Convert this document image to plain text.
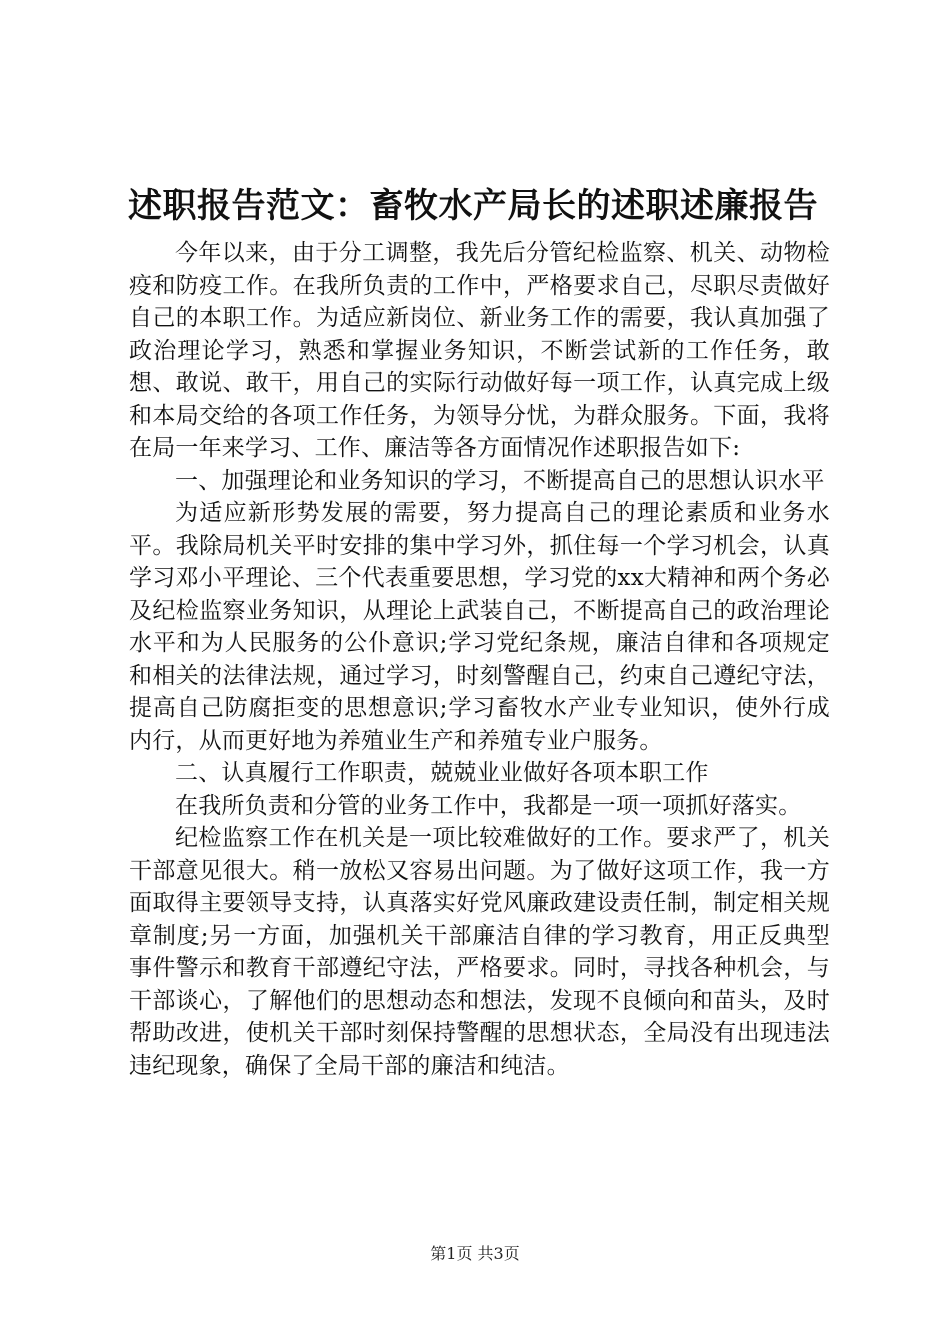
述职报告范文：畜牧水产局长的述职述廉报告

今年以来，由于分工调整，我先后分管纪检监察、机关、动物检疫和防疫工作。在我所负责的工作中，严格要求自己，尽职尽责做好自己的本职工作。为适应新岗位、新业务工作的需要，我认真加强了政治理论学习，熟悉和掌握业务知识，不断尝试新的工作任务，敢想、敢说、敢干，用自己的实际行动做好每一项工作，认真完成上级和本局交给的各项工作任务，为领导分忧，为群众服务。下面，我将在局一年来学习、工作、廉洁等各方面情况作述职报告如下:

一、加强理论和业务知识的学习，不断提高自己的思想认识水平

为适应新形势发展的需要，努力提高自己的理论素质和业务水平。我除局机关平时安排的集中学习外，抓住每一个学习机会，认真学习邓小平理论、三个代表重要思想，学习党的xx大精神和两个务必及纪检监察业务知识，从理论上武装自己，不断提高自己的政治理论水平和为人民服务的公仆意识;学习党纪条规，廉洁自律和各项规定和相关的法律法规，通过学习，时刻警醒自己，约束自己遵纪守法，提高自己防腐拒变的思想意识;学习畜牧水产业专业知识，使外行成内行，从而更好地为养殖业生产和养殖专业户服务。

二、认真履行工作职责，兢兢业业做好各项本职工作

在我所负责和分管的业务工作中，我都是一项一项抓好落实。

纪检监察工作在机关是一项比较难做好的工作。要求严了，机关干部意见很大。稍一放松又容易出问题。为了做好这项工作，我一方面取得主要领导支持，认真落实好党风廉政建设责任制，制定相关规章制度;另一方面，加强机关干部廉洁自律的学习教育，用正反典型事件警示和教育干部遵纪守法，严格要求。同时，寻找各种机会，与干部谈心，了解他们的思想动态和想法，发现不良倾向和苗头，及时帮助改进，使机关干部时刻保持警醒的思想状态，全局没有出现违法违纪现象，确保了全局干部的廉洁和纯洁。

第1页 共3页
